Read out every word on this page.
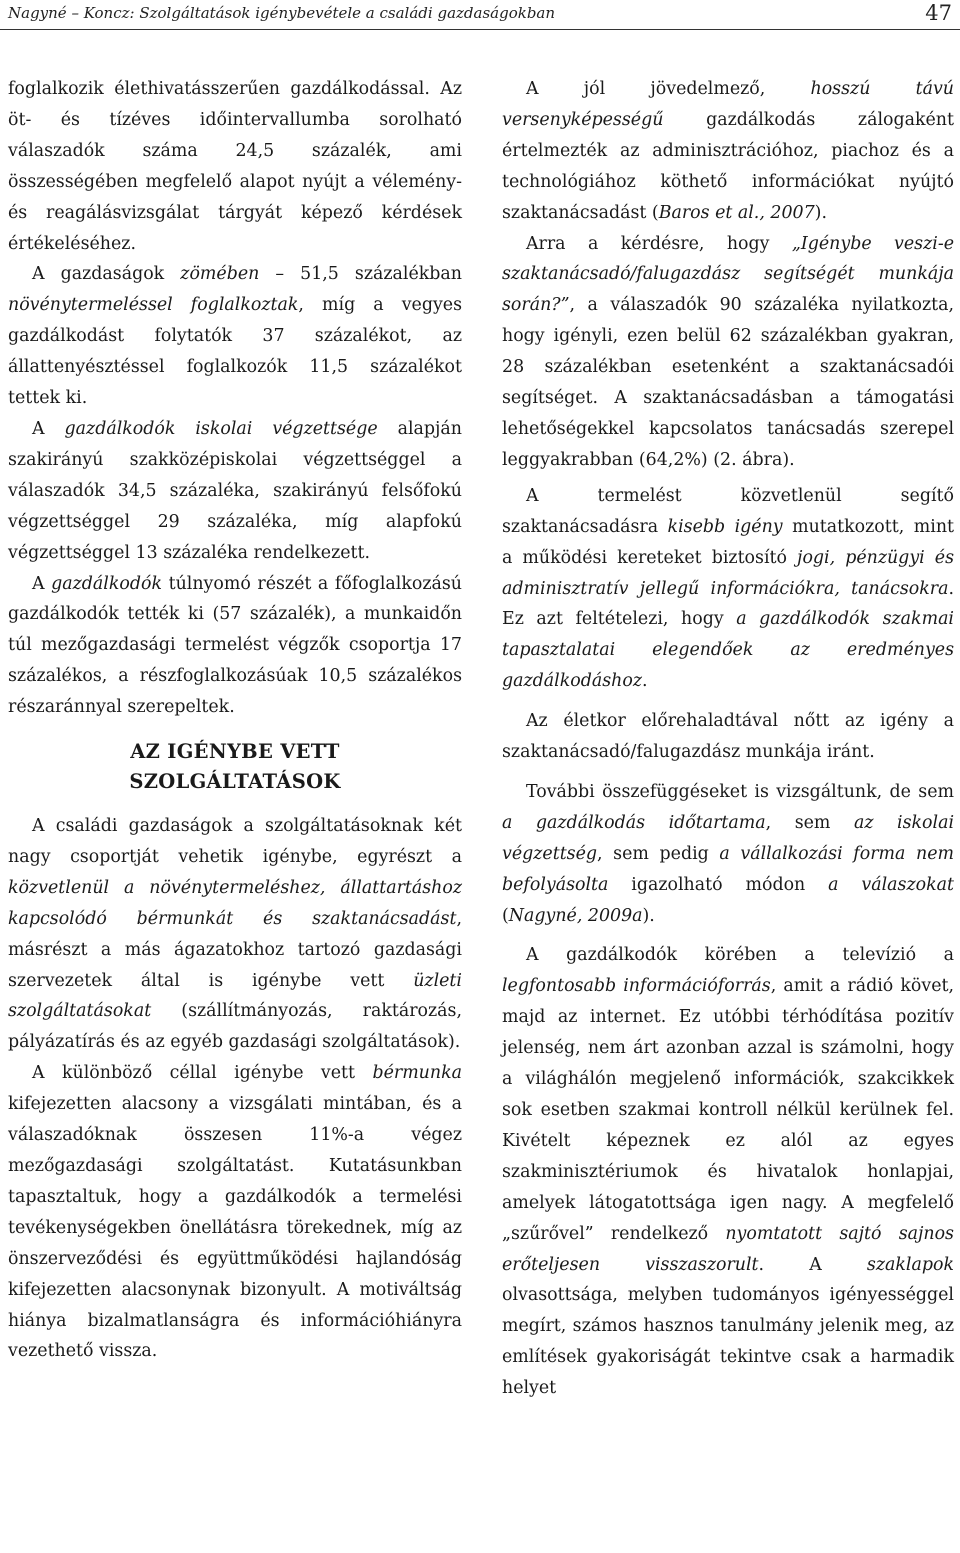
Nagyné – Koncz: Szolgáltatások igénybevétele a családi gazdaságokban	47

foglalkozik élethivatásszerűen gazdálkodással. Az öt- és tízéves időintervallumba sorolható válaszadók száma 24,5 százalék, ami összességében megfelelő alapot nyújt a vélemény- és reagálásvizsgálat tárgyát képező kérdések értékeléséhez.

A gazdaságok zömében – 51,5 százalékban növénytermeléssel foglalkoztak, míg a vegyes gazdálkodást folytatók 37 százalékot, az állattenyésztéssel foglalkozók 11,5 százalékot tettek ki.

A gazdálkodók iskolai végzettsége alapján szakirányú szakközépiskolai végzettséggel a válaszadók 34,5 százaléka, szakirányú felsőfokú végzettséggel 29 százaléka, míg alapfokú végzettséggel 13 százaléka rendelkezett.

A gazdálkodók túlnyomó részét a főfoglalkozású gazdálkodók tették ki (57 százalék), a munkaidőn túl mezőgazdasági termelést végzők csoportja 17 százalékos, a részfoglalkozásúak 10,5 százalékos részaránnyal szerepeltek.

AZ IGÉNYBE VETT
SZOLGÁLTATÁSOK

A családi gazdaságok a szolgáltatásoknak két nagy csoportját vehetik igénybe, egyrészt a közvetlenül a növénytermeléshez, állattartáshoz kapcsolódó bérmunkát és szaktanácsadást, másrészt a más ágazatokhoz tartozó gazdasági szervezetek által is igénybe vett üzleti szolgáltatásokat (szállítmányozás, raktározás, pályázatírás és az egyéb gazdasági szolgáltatások).

A különböző céllal igénybe vett bérmunka kifejezetten alacsony a vizsgálati mintában, és a válaszadóknak összesen 11%-a végez mezőgazdasági szolgáltatást. Kutatásunkban tapasztaltuk, hogy a gazdálkodók a termelési tevékenységekben önellátásra törekednek, míg az önszerveződési és együttműködési hajlandóság kifejezetten alacsonynak bizonyult. A motiváltság hiánya bizalmatlanságra és információhiányra vezethető vissza.

A jól jövedelmező, hosszú távú versenyképességű gazdálkodás zálogaként értelmezték az adminisztrációhoz, piachoz és a technológiához köthető információkat nyújtó szaktanácsadást (Baros et al., 2007).

Arra a kérdésre, hogy „Igénybe veszi-e szaktanácsadó/falugazdász segítségét munkája során?”, a válaszadók 90 százaléka nyilatkozta, hogy igényli, ezen belül 62 százalékban gyakran, 28 százalékban esetenként a szaktanácsadói segítséget. A szaktanácsadásban a támogatási lehetőségekkel kapcsolatos tanácsadás szerepel leggyakrabban (64,2%) (2. ábra).

A termelést közvetlenül segítő szaktanácsadásra kisebb igény mutatkozott, mint a működési kereteket biztosító jogi, pénzügyi és adminisztratív jellegű információkra, tanácsokra. Ez azt feltételezi, hogy a gazdálkodók szakmai tapasztalatai elegendőek az eredményes gazdálkodáshoz.

Az életkor előrehaladtával nőtt az igény a szaktanácsadó/falugazdász munkája iránt.

További összefüggéseket is vizsgáltunk, de sem a gazdálkodás időtartama, sem az iskolai végzettség, sem pedig a vállalkozási forma nem befolyásolta igazolható módon a válaszokat (Nagyné, 2009a).

A gazdálkodók körében a televízió a legfontosabb információforrás, amit a rádió követ, majd az internet. Ez utóbbi térhódítása pozitív jelenség, nem árt azonban azzal is számolni, hogy a világhálón megjelenő információk, szakcikkek sok esetben szakmai kontroll nélkül kerülnek fel. Kivételt képeznek ez alól az egyes szakminisztériumok és hivatalok honlapjai, amelyek látogatottsága igen nagy. A megfelelő „szűrővel” rendelkező nyomtatott sajtó sajnos erőteljesen visszaszorult. A szaklapok olvasottsága, melyben tudományos igényességgel megírt, számos hasznos tanulmány jelenik meg, az említések gyakoriságát tekintve csak a harmadik helyet
